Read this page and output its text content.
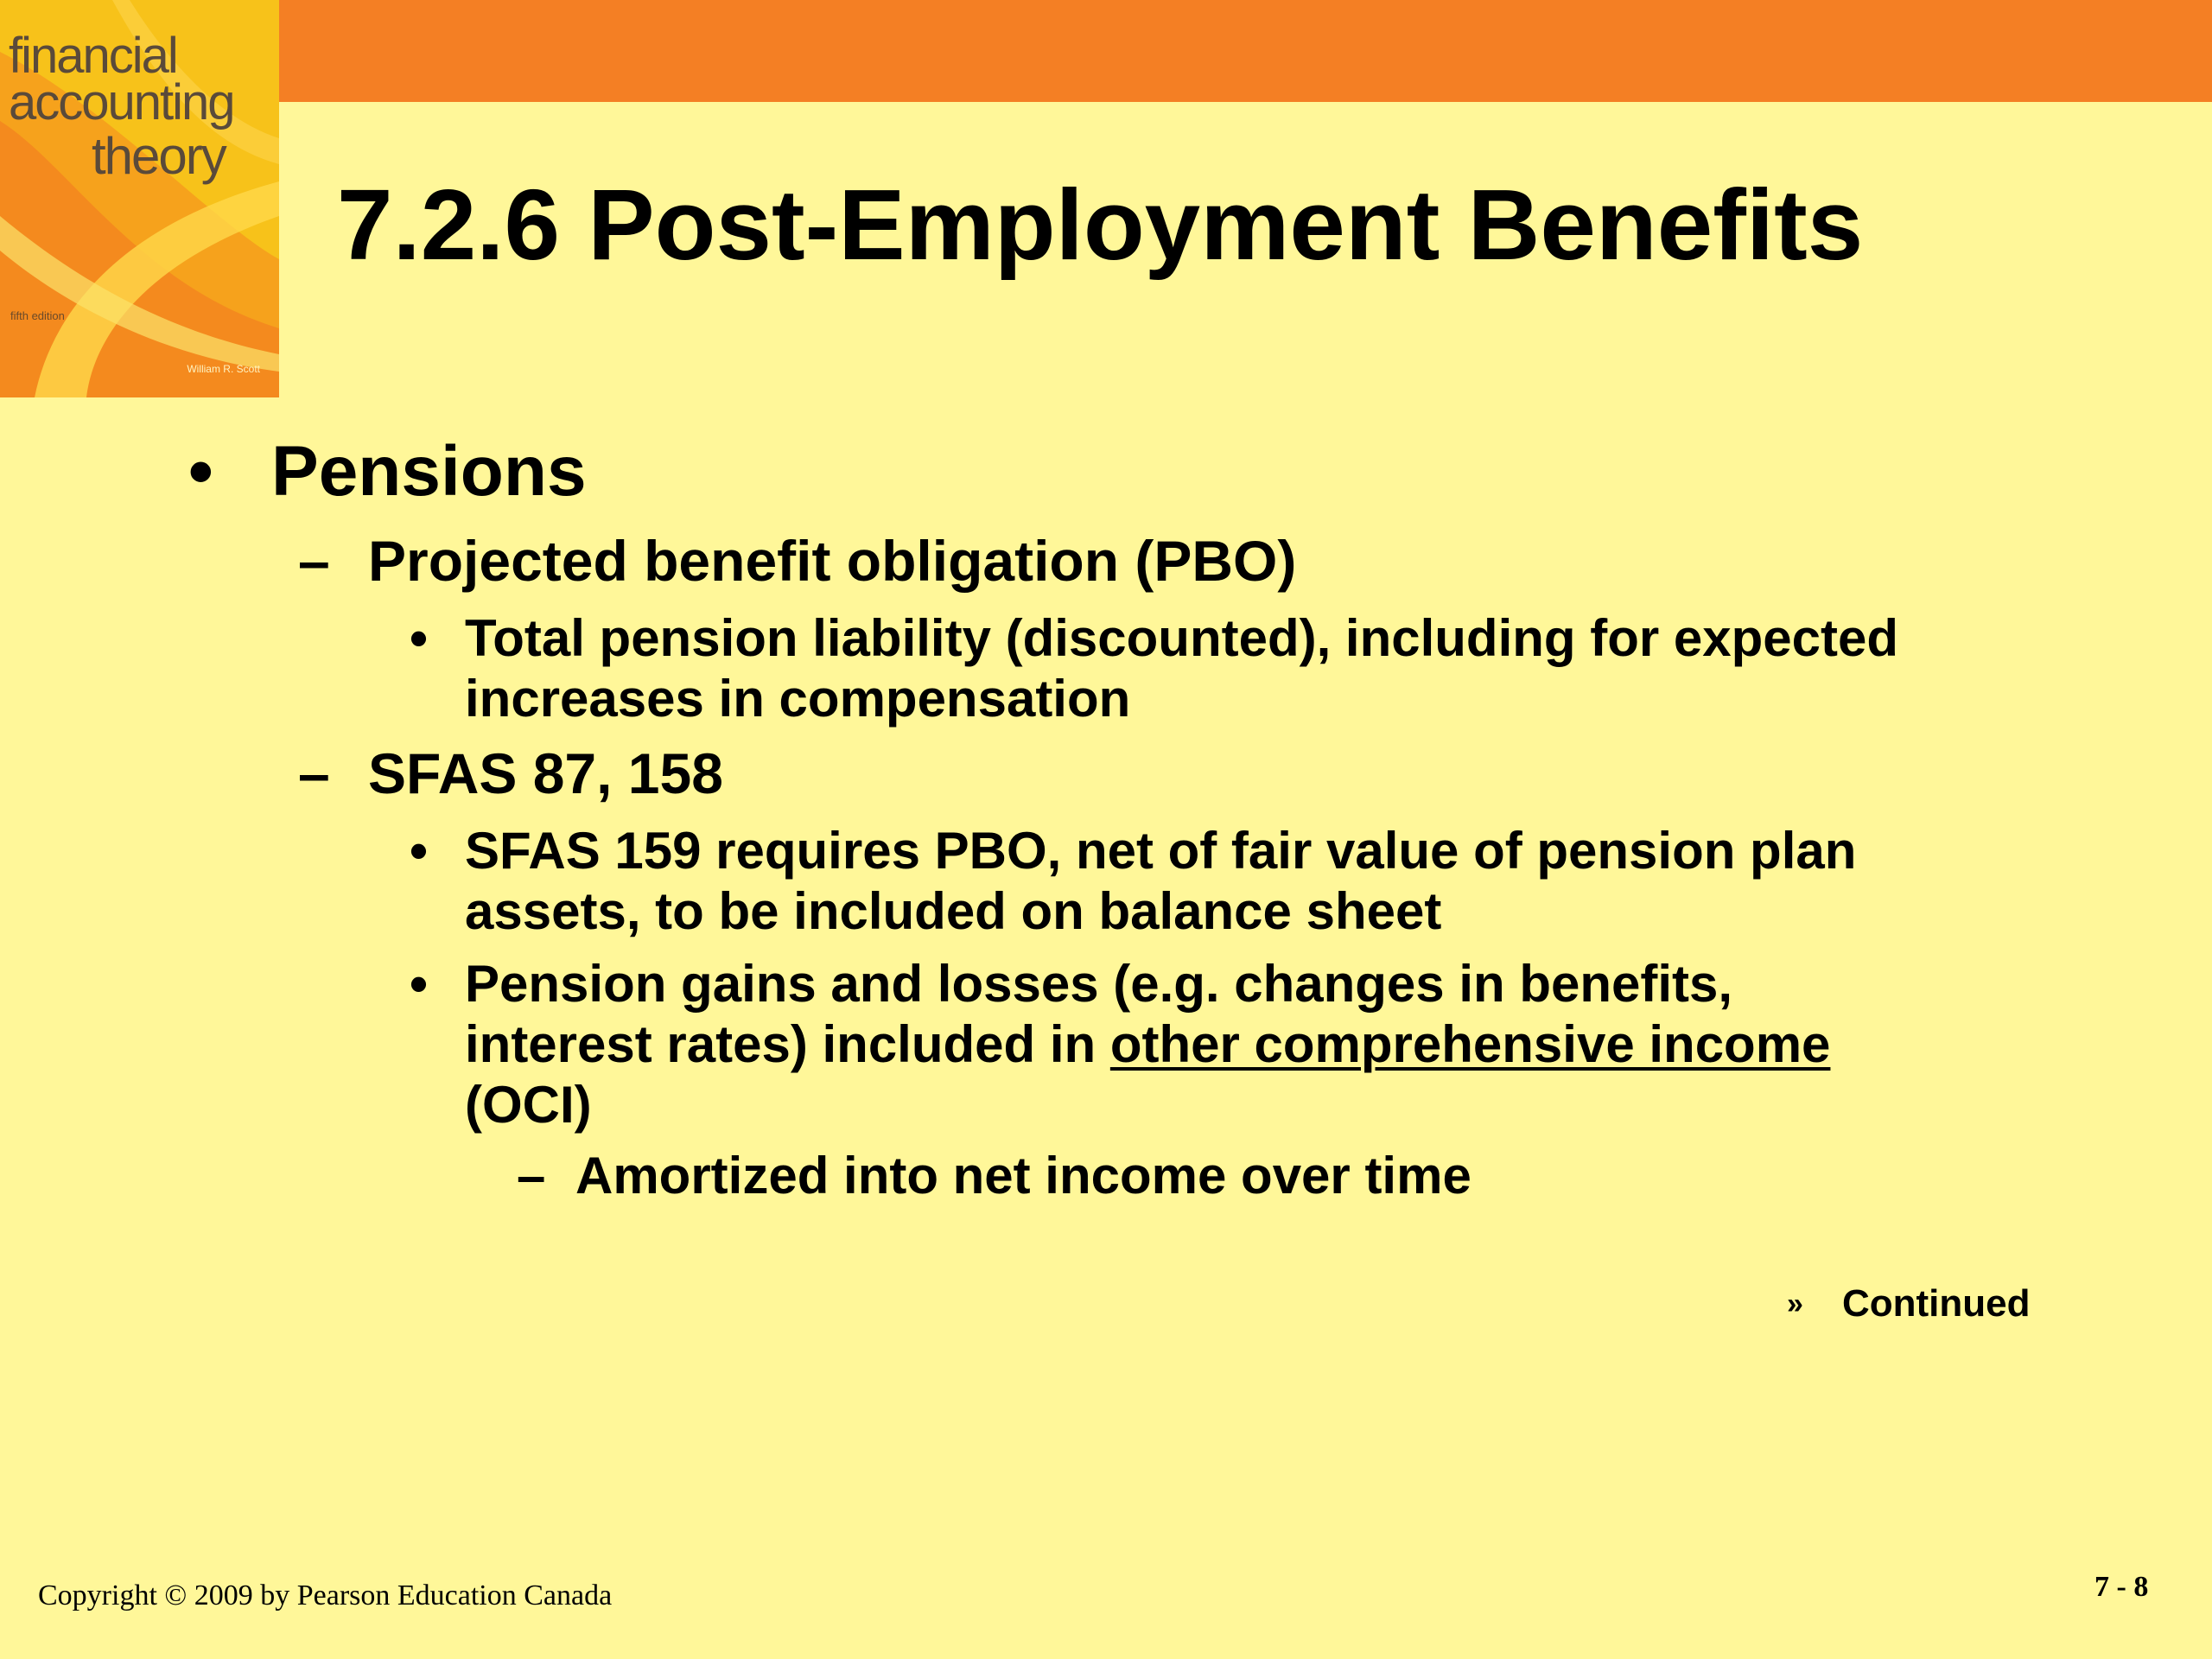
financial
accounting
theory
fifth edition
William R. Scott
7.2.6 Post-Employment Benefits
• Pensions
– Projected benefit obligation (PBO)
• Total pension liability (discounted), including for expected
increases in compensation
– SFAS 87, 158
• SFAS 159 requires PBO, net of fair value of pension plan
assets, to be included on balance sheet
• Pension gains and losses (e.g. changes in benefits,
interest rates) included in other comprehensive income
(OCI)
– Amortized into net income over time
» Continued
Copyright © 2009 by Pearson Education Canada	7 - 8
